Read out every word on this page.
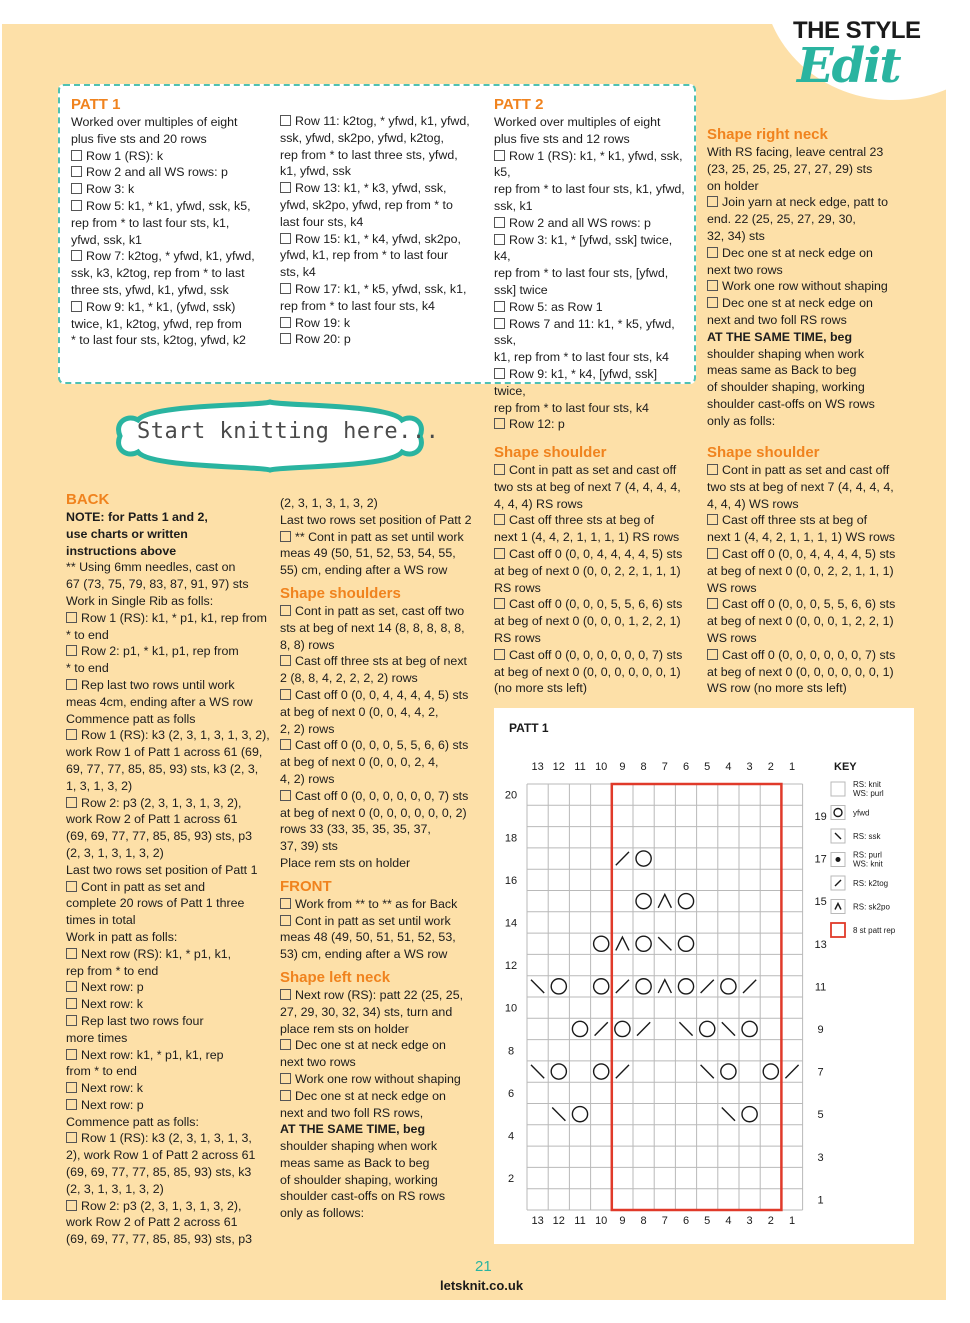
THE STYLE
Edit
PATT 1

Worked over multiples of eight

plus five sts and 20 rows

Row 1 (RS): k

Row 2 and all WS rows: p

Row 3: k

Row 5: k1, * k1, yfwd, ssk, k5,

rep from * to last four sts, k1,

yfwd, ssk, k1

Row 7: k2tog, * yfwd, k1, yfwd,

ssk, k3, k2tog, rep from * to last

three sts, yfwd, k1, yfwd, ssk

Row 9: k1, * k1, (yfwd, ssk)

twice, k1, k2tog, yfwd, rep from

* to last four sts, k2tog, yfwd, k2

Row 11: k2tog, * yfwd, k1, yfwd,

ssk, yfwd, sk2po, yfwd, k2tog,

rep from * to last three sts, yfwd,

k1, yfwd, ssk

Row 13: k1, * k3, yfwd, ssk,

yfwd, sk2po, yfwd, rep from * to

last four sts, k4

Row 15: k1, * k4, yfwd, sk2po,

yfwd, k1, rep from * to last four

sts, k4

Row 17: k1, * k5, yfwd, ssk, k1,

rep from * to last four sts, k4

Row 19: k

Row 20: p

PATT 2

Worked over multiples of eight

plus five sts and 12 rows

Row 1 (RS): k1, * k1, yfwd, ssk, k5,

rep from * to last four sts, k1, yfwd,

ssk, k1

Row 2 and all WS rows: p

Row 3: k1, * [yfwd, ssk] twice, k4,

rep from * to last four sts, [yfwd,

ssk] twice

Row 5: as Row 1

Rows 7 and 11: k1, * k5, yfwd, ssk,

k1, rep from * to last four sts, k4

Row 9: k1, * k4, [yfwd, ssk] twice,

rep from * to last four sts, k4

Row 12: p

Shape right neck

With RS facing, leave central 23

(23, 25, 25, 25, 27, 27, 29) sts

on holder

Join yarn at neck edge, patt to

end. 22 (25, 25, 27, 29, 30,

32, 34) sts

Dec one st at neck edge on

next two rows

Work one row without shaping

Dec one st at neck edge on

next and two foll RS rows

AT THE SAME TIME, beg

shoulder shaping when work

meas same as Back to beg

of shoulder shaping, working

shoulder cast-offs on WS rows

only as folls:

Start knitting here...
BACK

NOTE: for Patts 1 and 2,

use charts or written

instructions above

** Using 6mm needles, cast on

67 (73, 75, 79, 83, 87, 91, 97) sts

Work in Single Rib as folls:

Row 1 (RS): k1, * p1, k1, rep from

* to end

Row 2: p1, * k1, p1, rep from

* to end

Rep last two rows until work

meas 4cm, ending after a WS row

Commence patt as folls

Row 1 (RS): k3 (2, 3, 1, 3, 1, 3, 2),

work Row 1 of Patt 1 across 61 (69,

69, 77, 77, 85, 85, 93) sts, k3 (2, 3,

1, 3, 1, 3, 2)

Row 2: p3 (2, 3, 1, 3, 1, 3, 2),

work Row 2 of Patt 1 across 61

(69, 69, 77, 77, 85, 85, 93) sts, p3

(2, 3, 1, 3, 1, 3, 2)

Last two rows set position of Patt 1

Cont in patt as set and

complete 20 rows of Patt 1 three

times in total

Work in patt as folls:

Next row (RS): k1, * p1, k1,

rep from * to end

Next row: p

Next row: k

Rep last two rows four

more times

Next row: k1, * p1, k1, rep

from * to end

Next row: k

Next row: p

Commence patt as folls:

Row 1 (RS): k3 (2, 3, 1, 3, 1, 3,

2), work Row 1 of Patt 2 across 61

(69, 69, 77, 77, 85, 85, 93) sts, k3

(2, 3, 1, 3, 1, 3, 2)

Row 2: p3 (2, 3, 1, 3, 1, 3, 2),

work Row 2 of Patt 2 across 61

(69, 69, 77, 77, 85, 85, 93) sts, p3

(2, 3, 1, 3, 1, 3, 2)

Last two rows set position of Patt 2

** Cont in patt as set until work

meas 49 (50, 51, 52, 53, 54, 55,

55) cm, ending after a WS row

Shape shoulders

Cont in patt as set, cast off two

sts at beg of next 14 (8, 8, 8, 8, 8,

8, 8) rows

Cast off three sts at beg of next

2 (8, 8, 4, 2, 2, 2, 2) rows

Cast off 0 (0, 0, 4, 4, 4, 4, 5) sts

at beg of next 0 (0, 0, 4, 4, 2,

2, 2) rows

Cast off 0 (0, 0, 0, 5, 5, 6, 6) sts

at beg of next 0 (0, 0, 0, 2, 4,

4, 2) rows

Cast off 0 (0, 0, 0, 0, 0, 0, 7) sts

at beg of next 0 (0, 0, 0, 0, 0, 0, 2)

rows 33 (33, 35, 35, 35, 37,

37, 39) sts

Place rem sts on holder

FRONT

Work from ** to ** as for Back

Cont in patt as set until work

meas 48 (49, 50, 51, 51, 52, 53,

53) cm, ending after a WS row

Shape left neck

Next row (RS): patt 22 (25, 25,

27, 29, 30, 32, 34) sts, turn and

place rem sts on holder

Dec one st at neck edge on

next two rows

Work one row without shaping

Dec one st at neck edge on

next and two foll RS rows,

AT THE SAME TIME, beg

shoulder shaping when work

meas same as Back to beg

of shoulder shaping, working

shoulder cast-offs on RS rows

only as follows:

Shape shoulder

Cont in patt as set and cast off

two sts at beg of next 7 (4, 4, 4, 4,

4, 4, 4) RS rows

Cast off three sts at beg of

next 1 (4, 4, 2, 1, 1, 1, 1) RS rows

Cast off 0 (0, 0, 4, 4, 4, 4, 5) sts

at beg of next 0 (0, 0, 2, 2, 1, 1, 1)

RS rows

Cast off 0 (0, 0, 0, 5, 5, 6, 6) sts

at beg of next 0 (0, 0, 0, 1, 2, 2, 1)

RS rows

Cast off 0 (0, 0, 0, 0, 0, 0, 7) sts

at beg of next 0 (0, 0, 0, 0, 0, 0, 1)

(no more sts left)

Shape shoulder

Cont in patt as set and cast off

two sts at beg of next 7 (4, 4, 4, 4,

4, 4, 4) WS rows

Cast off three sts at beg of

next 1 (4, 4, 2, 1, 1, 1, 1) WS rows

Cast off 0 (0, 0, 4, 4, 4, 4, 5) sts

at beg of next 0 (0, 0, 2, 2, 1, 1, 1)

WS rows

Cast off 0 (0, 0, 0, 5, 5, 6, 6) sts

at beg of next 0 (0, 0, 0, 1, 2, 2, 1)

WS rows

Cast off 0 (0, 0, 0, 0, 0, 0, 7) sts

at beg of next 0 (0, 0, 0, 0, 0, 0, 1)

WS row (no more sts left)

PATT 1
13
13
12
12
11
11
10
10
9
9
8
8
7
7
6
6
5
5
4
4
3
3
2
2
1
1
20
18
16
14
12
10
8
6
4
2
19
17
15
13
11
9
7
5
3
1
KEY
RS: knit
WS: purl
yfwd
RS: ssk
RS: purl
WS: knit
RS: k2tog
RS: sk2po
8 st patt rep
21
letsknit.co.uk
